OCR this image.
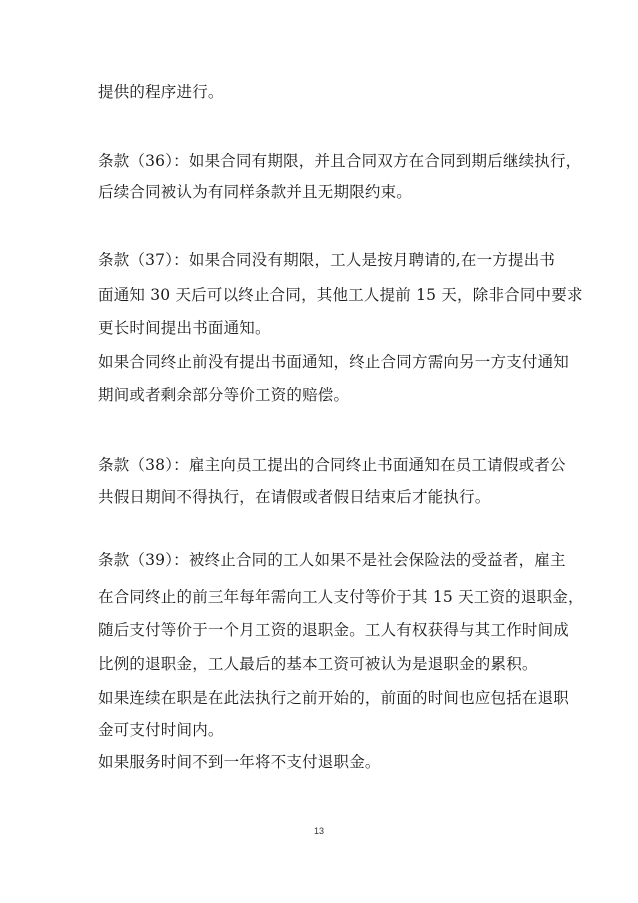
提供的程序进行。
条款（36）：如果合同有期限，并且合同双方在合同到期后继续执行，
后续合同被认为有同样条款并且无期限约束。
条款（37）：如果合同没有期限，工人是按月聘请的,在一方提出书
面通知 30 天后可以终止合同，其他工人提前 15 天，除非合同中要求
更长时间提出书面通知。
如果合同终止前没有提出书面通知，终止合同方需向另一方支付通知
期间或者剩余部分等价工资的赔偿。
条款（38）：雇主向员工提出的合同终止书面通知在员工请假或者公
共假日期间不得执行，在请假或者假日结束后才能执行。
条款（39）：被终止合同的工人如果不是社会保险法的受益者，雇主
在合同终止的前三年每年需向工人支付等价于其 15 天工资的退职金，
随后支付等价于一个月工资的退职金。工人有权获得与其工作时间成
比例的退职金，工人最后的基本工资可被认为是退职金的累积。
如果连续在职是在此法执行之前开始的，前面的时间也应包括在退职
金可支付时间内。
如果服务时间不到一年将不支付退职金。
13
